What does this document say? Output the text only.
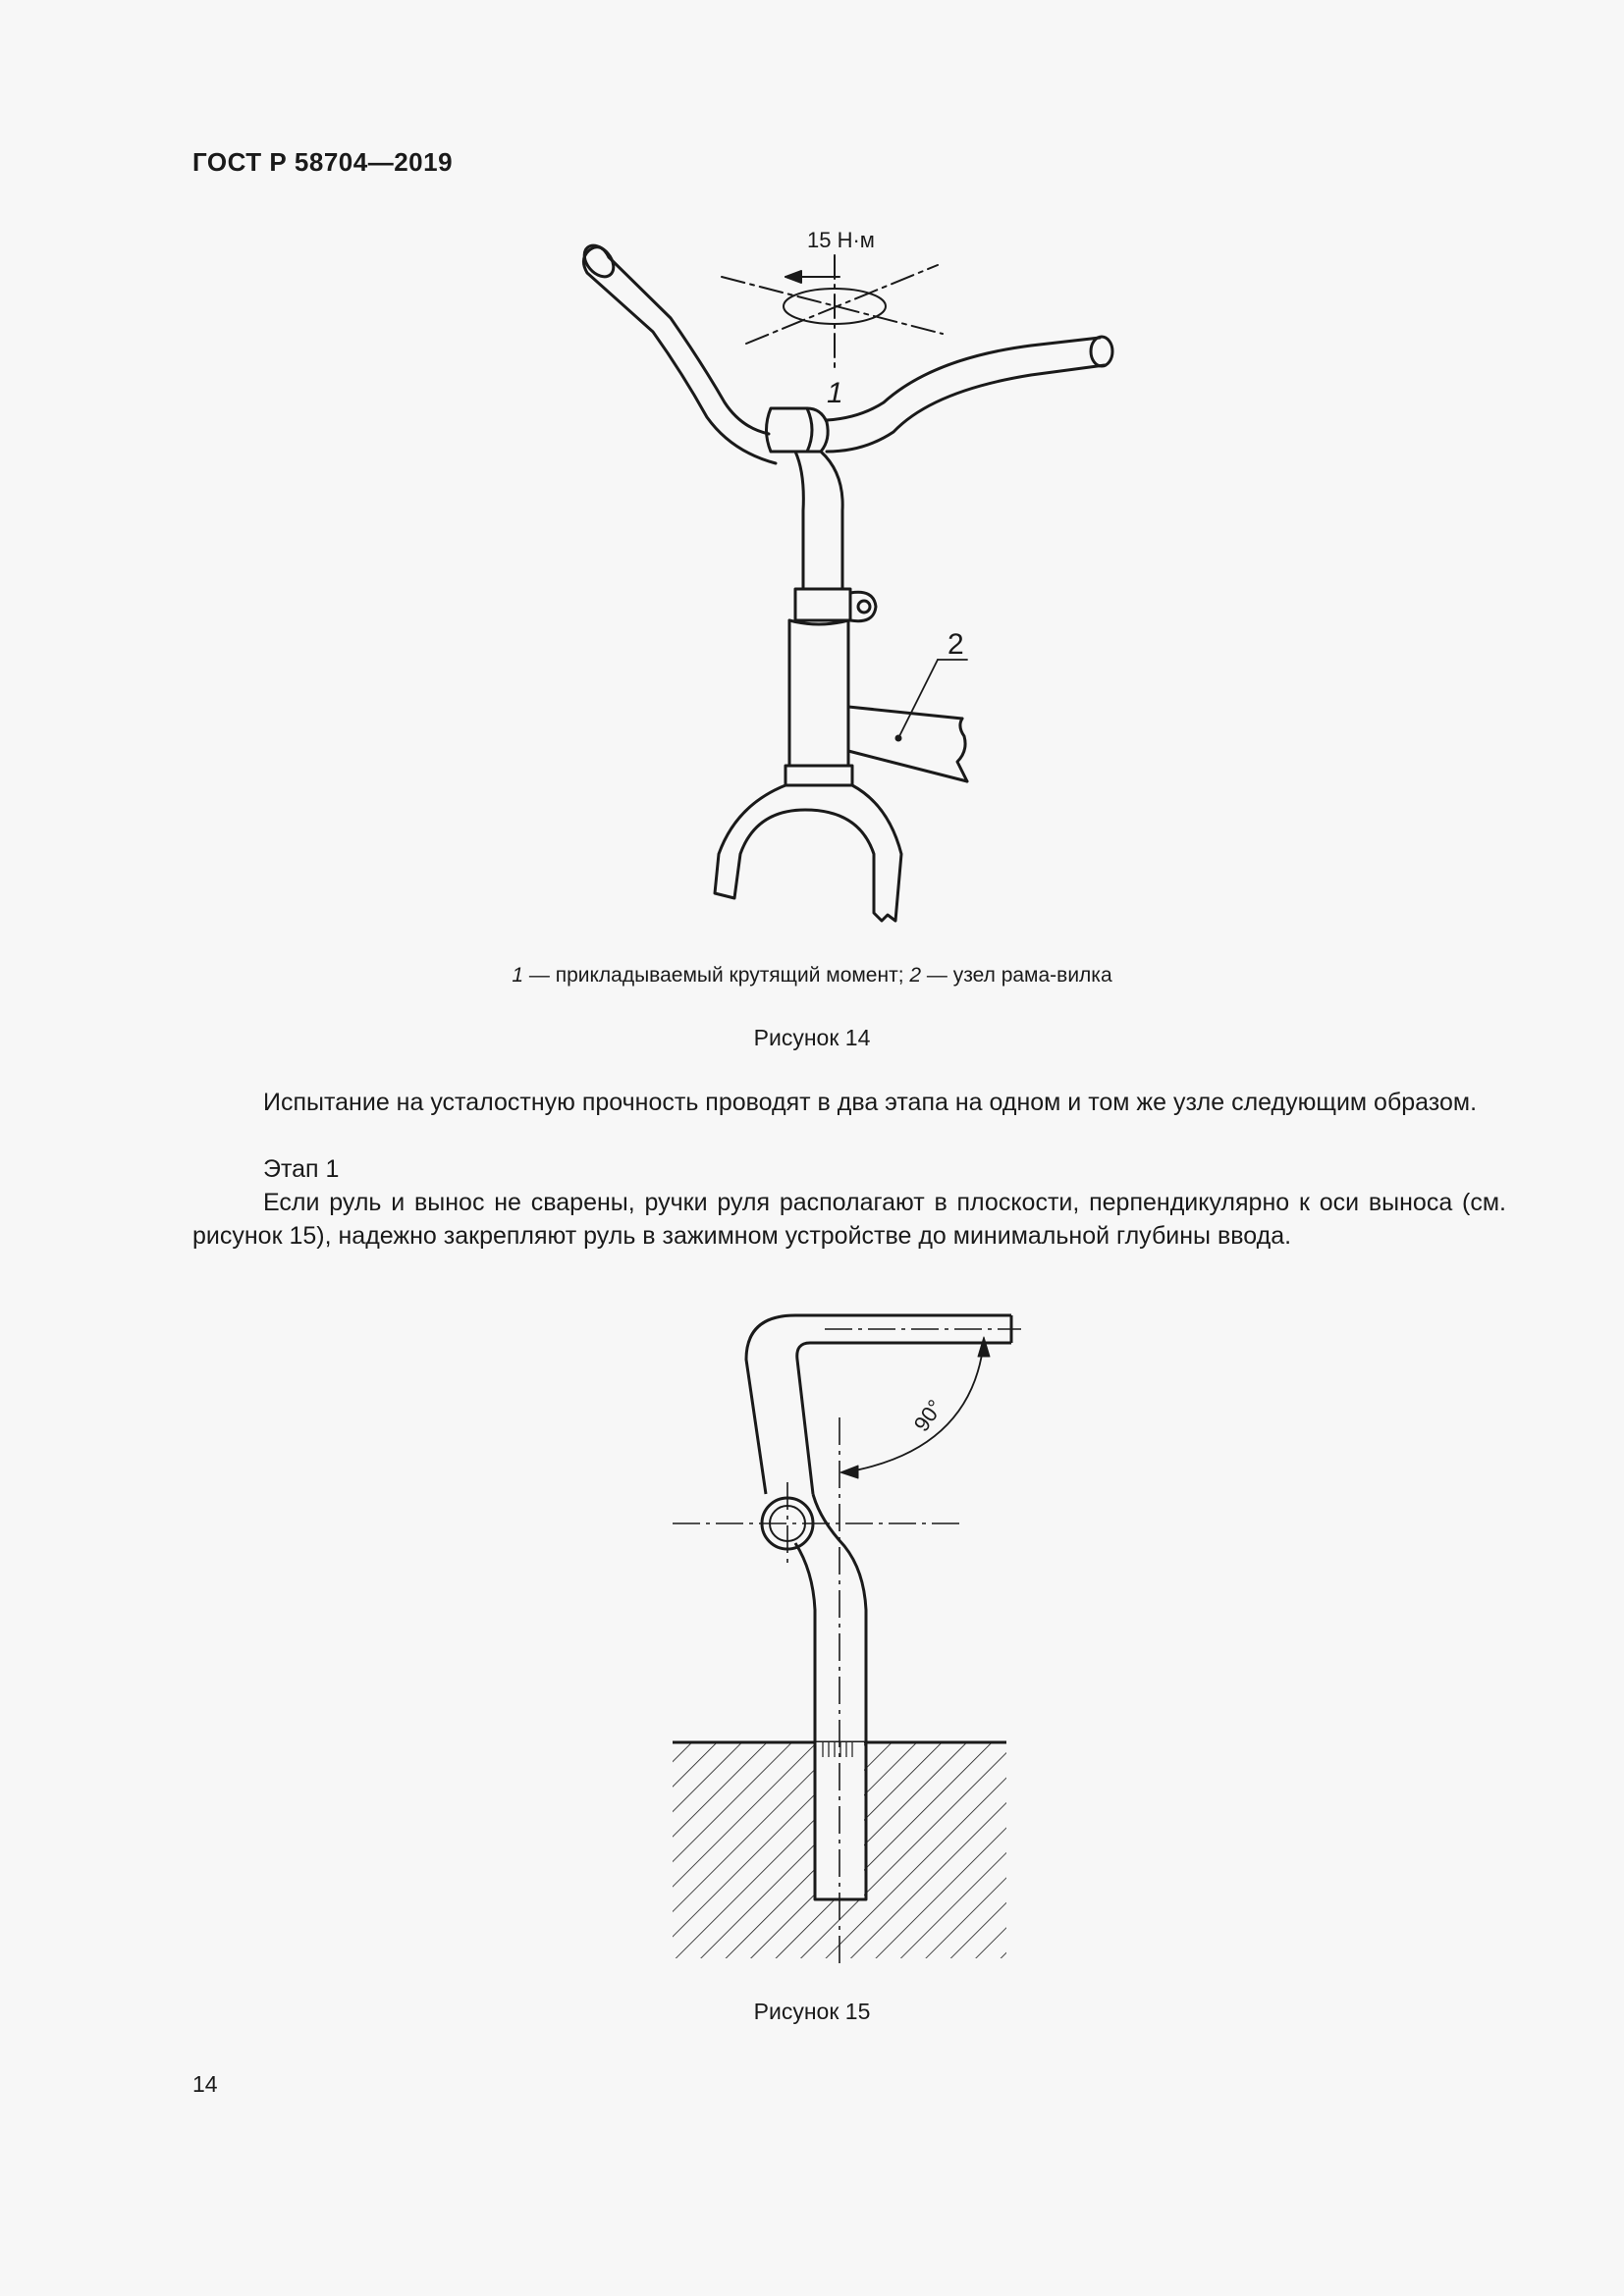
ГОСТ Р 58704—2019
15 Н·м
1
2
1 — прикладываемый крутящий момент; 2 — узел рама-вилка
Рисунок 14
Испытание на усталостную прочность проводят в два этапа на одном и том же узле следующим образом.
Этап 1
Если руль и вынос не сварены, ручки руля располагают в плоскости, перпендикулярно к оси выноса (см. рисунок 15), надежно закрепляют руль в зажимном устройстве до минимальной глубины ввода.
90°
Рисунок 15
14
